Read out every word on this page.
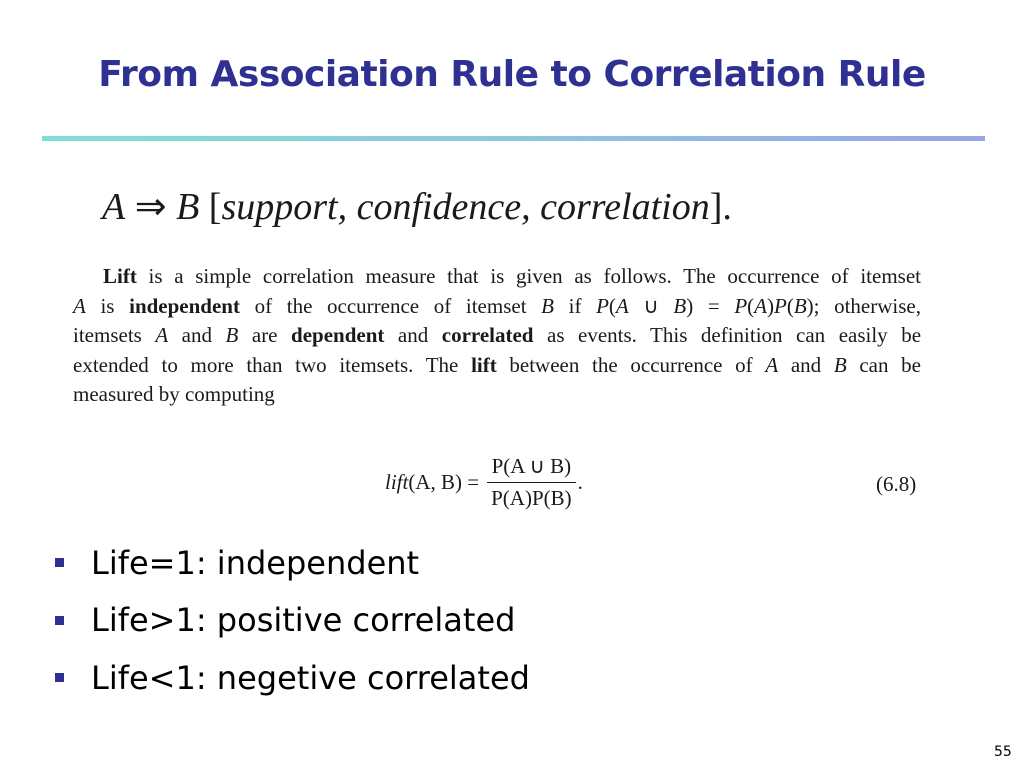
From Association Rule to Correlation Rule
A ⇒ B [support, confidence, correlation].
Lift is a simple correlation measure that is given as follows. The occurrence of itemset
A is independent of the occurrence of itemset B if P(A ∪ B) = P(A)P(B); otherwise,
itemsets A and B are dependent and correlated as events. This definition can easily be
extended to more than two itemsets. The lift between the occurrence of A and B can be
measured by computing
lift (A, $B) = \frac{P(A \cup B)}{P(A)P(B)}$ .	(6.8)
Life=1: independent
Life>1: positive correlated
Life<1: negetive correlated
55
